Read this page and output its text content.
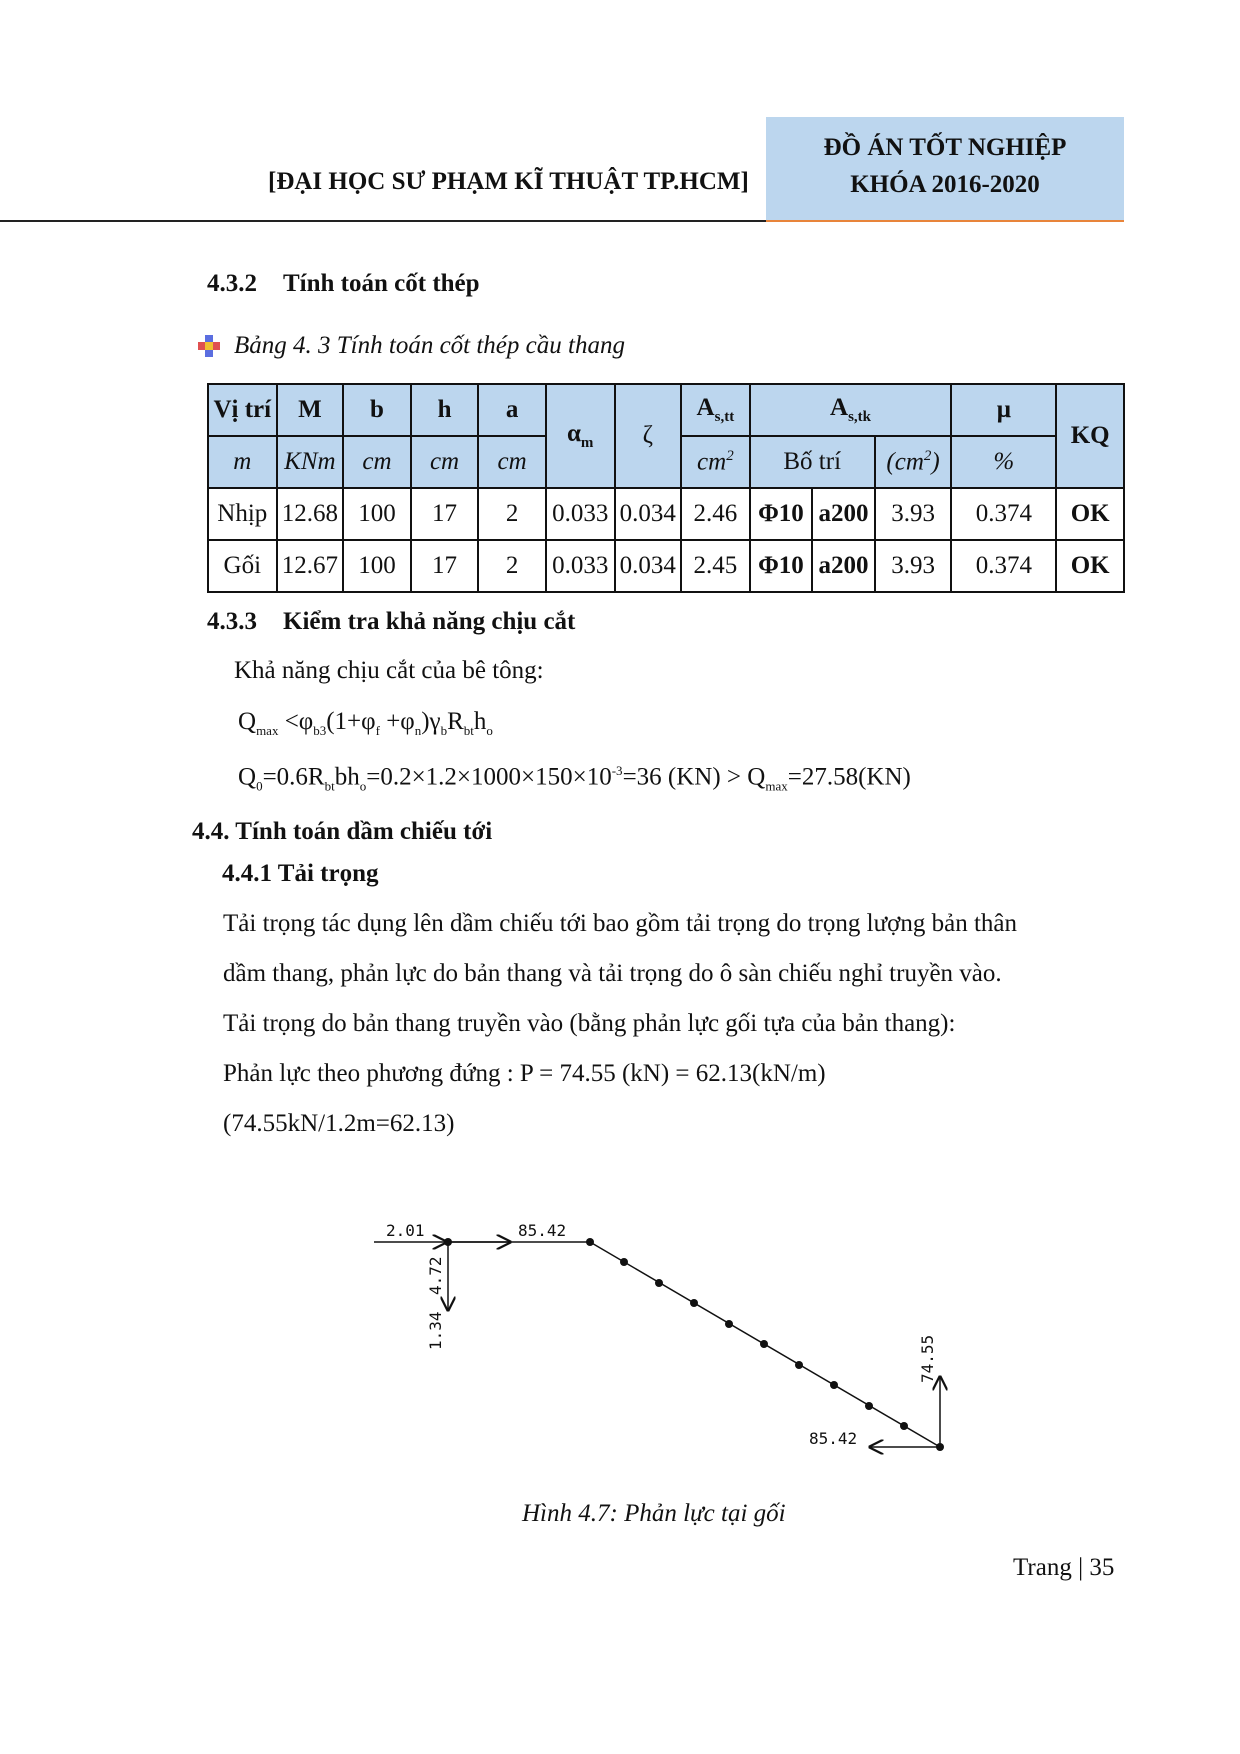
[ĐẠI HỌC SƯ PHẠM KĨ THUẬT TP.HCM]
ĐỒ ÁN TỐT NGHIỆP
KHÓA 2016-2020
4.3.2 Tính toán cốt thép
Bảng 4. 3 Tính toán cốt thép cầu thang
Vị trí	M	b	h	a	$\alpha_m$	ζ	$A_{s,tt}$	$A_{s,tk}$			μ	KQ
m	KNm	cm	cm	cm			$cm^2$	Bố trí		$(cm^2)$	%	
Nhịp	12.68	100	17	2	0.033	0.034	2.46	Φ10	a200	3.93	0.374	OK
Gối	12.67	100	17	2	0.033	0.034	2.45	Φ10	a200	3.93	0.374	OK
4.3.3 Kiểm tra khả năng chịu cắt
Khả năng chịu cắt của bê tông:
$Q_{max} <\varphi_{b3}(1+\varphi_f +\varphi_n)\gamma_bR_{bt}h_o$
$Q_0=0.6R_{bt}bh_o=0.2\times 1.2\times 1000\times 150\times 10^{-3}=36$ $(KN) > Q_{max}=27.58(KN)$
4.4. Tính toán dầm chiếu tới
4.4.1 Tải trọng
Tải trọng tác dụng lên dầm chiếu tới bao gồm tải trọng do trọng lượng bản thân
dầm thang, phản lực do bản thang và tải trọng do ô sàn chiếu nghỉ truyền vào.
Tải trọng do bản thang truyền vào (bằng phản lực gối tựa của bản thang):
Phản lực theo phương đứng : P = 74.55 (kN) = 62.13(kN/m)
(74.55kN/1.2m=62.13)
2.01	85.42
4.72
1.34
74.55
85.42
Hình 4.7: Phản lực tại gối
Trang | 35
